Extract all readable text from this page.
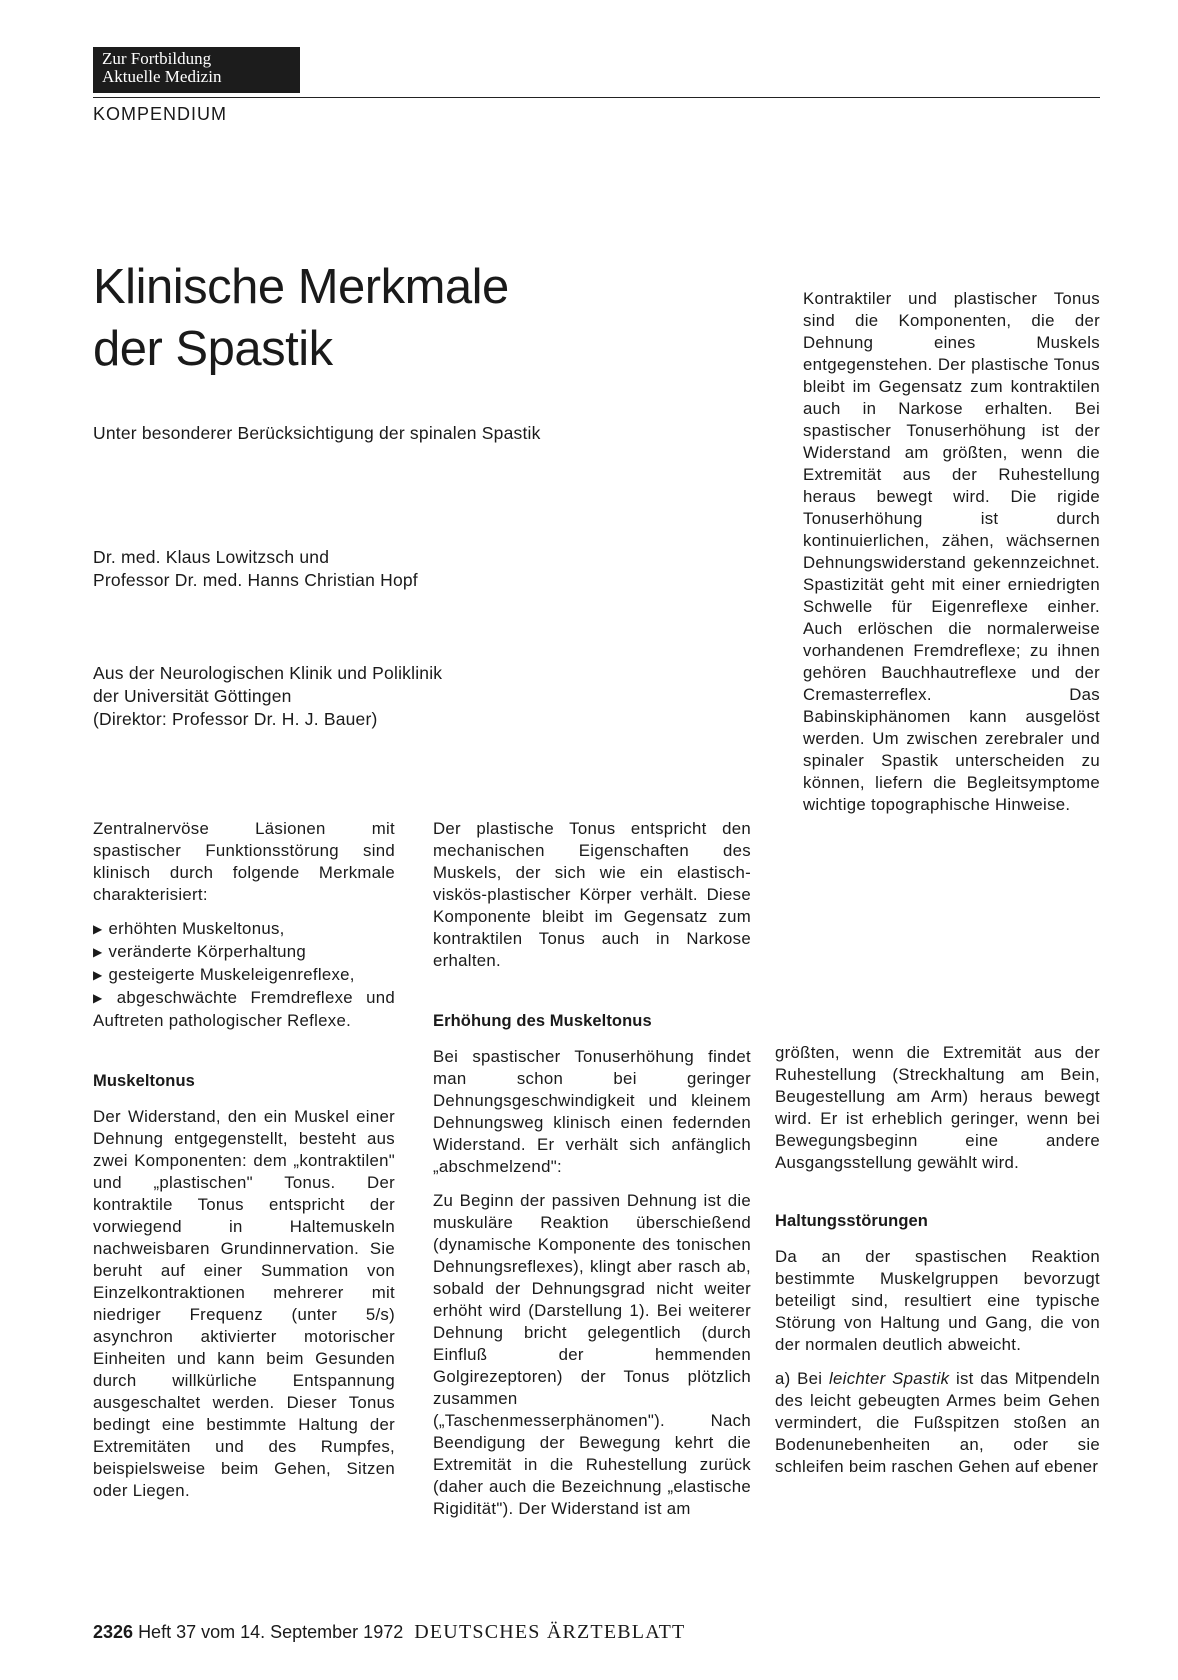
Zur Fortbildung
Aktuelle Medizin
KOMPENDIUM
Klinische Merkmale
der Spastik
Unter besonderer Berücksichtigung der spinalen Spastik
Dr. med. Klaus Lowitzsch und
Professor Dr. med. Hanns Christian Hopf
Aus der Neurologischen Klinik und Poliklinik
der Universität Göttingen
(Direktor: Professor Dr. H. J. Bauer)

Zentralnervöse Läsionen mit spastischer Funktionsstörung sind klinisch durch folgende Merkmale charakterisiert:

▶ erhöhten Muskeltonus,
▶ veränderte Körperhaltung
▶ gesteigerte Muskeleigenreflexe,
▶ abgeschwächte Fremdreflexe und Auftreten pathologischer Reflexe.
Muskeltonus

Der Widerstand, den ein Muskel einer Dehnung entgegenstellt, besteht aus zwei Komponenten: dem „kontraktilen" und „plastischen" Tonus. Der kontraktile Tonus entspricht der vorwiegend in Haltemuskeln nachweisbaren Grundinnervation. Sie beruht auf einer Summation von Einzelkontraktionen mehrerer mit niedriger Frequenz (unter 5/s) asynchron aktivierter motorischer Einheiten und kann beim Gesunden durch willkürliche Entspannung ausgeschaltet werden. Dieser Tonus bedingt eine bestimmte Haltung der Extremitäten und des Rumpfes, beispielsweise beim Gehen, Sitzen oder Liegen.

Der plastische Tonus entspricht den mechanischen Eigenschaften des Muskels, der sich wie ein elastisch-viskös-plastischer Körper verhält. Diese Komponente bleibt im Gegensatz zum kontraktilen Tonus auch in Narkose erhalten.

Erhöhung des Muskeltonus

Bei spastischer Tonuserhöhung findet man schon bei geringer Dehnungsgeschwindigkeit und kleinem Dehnungsweg klinisch einen federnden Widerstand. Er verhält sich anfänglich „abschmelzend":

Zu Beginn der passiven Dehnung ist die muskuläre Reaktion überschießend (dynamische Komponente des tonischen Dehnungsreflexes), klingt aber rasch ab, sobald der Dehnungsgrad nicht weiter erhöht wird (Darstellung 1). Bei weiterer Dehnung bricht gelegentlich (durch Einfluß der hemmenden Golgirezeptoren) der Tonus plötzlich zusammen („Taschenmesserphänomen"). Nach Beendigung der Bewegung kehrt die Extremität in die Ruhestellung zurück (daher auch die Bezeichnung „elastische Rigidität"). Der Widerstand ist am

Kontraktiler und plastischer Tonus sind die Komponenten, die der Dehnung eines Muskels entgegenstehen. Der plastische Tonus bleibt im Gegensatz zum kontraktilen auch in Narkose erhalten. Bei spastischer Tonuserhöhung ist der Widerstand am größten, wenn die Extremität aus der Ruhestellung heraus bewegt wird. Die rigide Tonuserhöhung ist durch kontinuierlichen, zähen, wächsernen Dehnungswiderstand gekennzeichnet. Spastizität geht mit einer erniedrigten Schwelle für Eigenreflexe einher. Auch erlöschen die normalerweise vorhandenen Fremdreflexe; zu ihnen gehören Bauchhautreflexe und der Cremasterreflex. Das Babinskiphänomen kann ausgelöst werden. Um zwischen zerebraler und spinaler Spastik unterscheiden zu können, liefern die Begleitsymptome wichtige topographische Hinweise.

größten, wenn die Extremität aus der Ruhestellung (Streckhaltung am Bein, Beugestellung am Arm) heraus bewegt wird. Er ist erheblich geringer, wenn bei Bewegungsbeginn eine andere Ausgangsstellung gewählt wird.

Haltungsstörungen

Da an der spastischen Reaktion bestimmte Muskelgruppen bevorzugt beteiligt sind, resultiert eine typische Störung von Haltung und Gang, die von der normalen deutlich abweicht.

a) Bei leichter Spastik ist das Mitpendeln des leicht gebeugten Armes beim Gehen vermindert, die Fußspitzen stoßen an Bodenunebenheiten an, oder sie schleifen beim raschen Gehen auf ebener

2326 Heft 37 vom 14. September 1972 DEUTSCHES ÄRZTEBLATT
